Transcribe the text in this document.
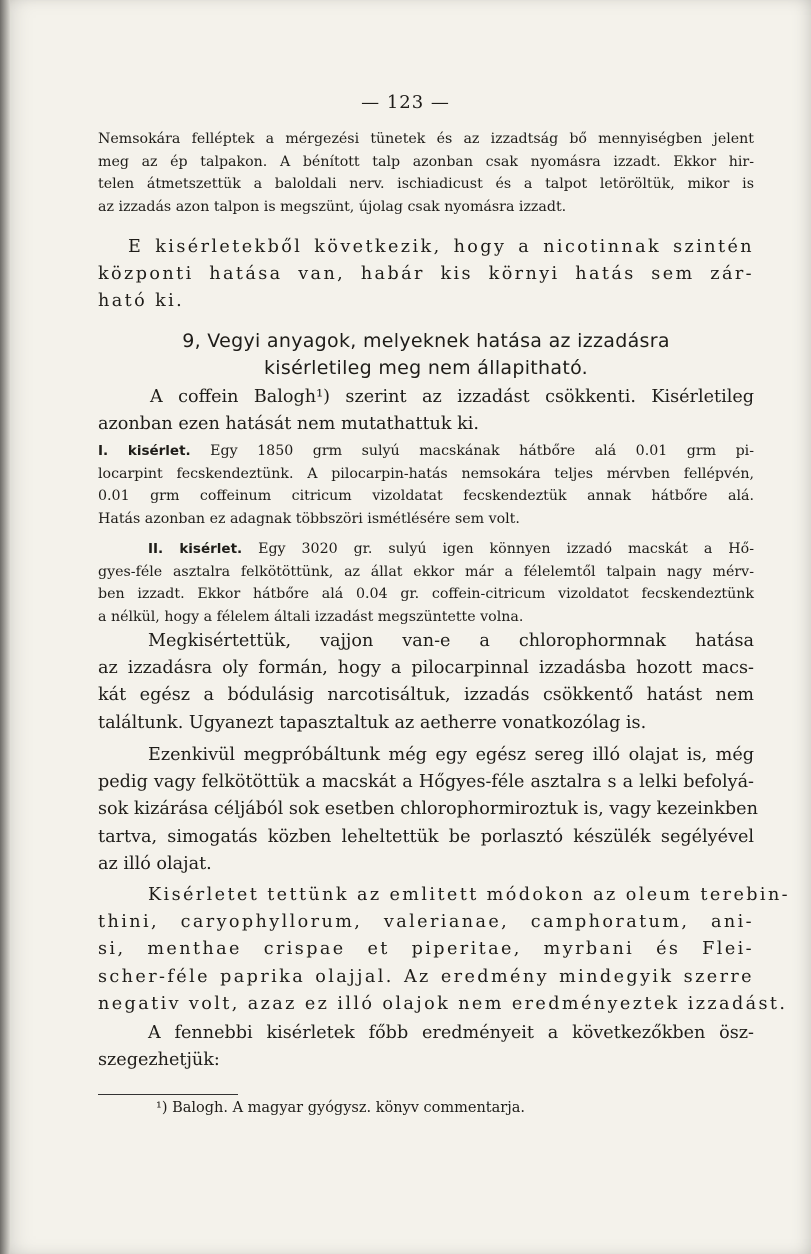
— 123 —
Nemsokára felléptek a mérgezési tünetek és az izzadtság bő mennyiségben jelent
meg az ép talpakon. A bénított talp azonban csak nyomásra izzadt. Ekkor hir-
telen átmetszettük a baloldali nerv. ischiadicust és a talpot letöröltük, mikor is
az izzadás azon talpon is megszünt, újolag csak nyomásra izzadt.
E kisérletekből következik, hogy a nicotinnak szintén
központi hatása van, habár kis környi hatás sem zár-
ható ki.
9, Vegyi anyagok, melyeknek hatása az izzadásra
kisérletileg meg nem állapitható.
A coffein Balogh¹) szerint az izzadást csökkenti. Kisérletileg
azonban ezen hatását nem mutathattuk ki.
I. kisérlet. Egy 1850 grm sulyú macskának hátbőre alá 0.01 grm pi-
locarpint fecskendeztünk. A pilocarpin-hatás nemsokára teljes mérvben fellépvén,
0.01 grm coffeinum citricum vizoldatat fecskendeztük annak hátbőre alá.
Hatás azonban ez adagnak többszöri ismétlésére sem volt.
II. kisérlet. Egy 3020 gr. sulyú igen könnyen izzadó macskát a Hő-
gyes-féle asztalra felkötöttünk, az állat ekkor már a félelemtől talpain nagy mérv-
ben izzadt. Ekkor hátbőre alá 0.04 gr. coffein-citricum vizoldatot fecskendeztünk
a nélkül, hogy a félelem általi izzadást megszüntette volna.
Megkisértettük, vajjon van-e a chlorophormnak hatása
az izzadásra oly formán, hogy a pilocarpinnal izzadásba hozott macs-
kát egész a bódulásig narcotisáltuk, izzadás csökkentő hatást nem
találtunk. Ugyanezt tapasztaltuk az aetherre vonatkozólag is.
Ezenkivül megpróbáltunk még egy egész sereg illó olajat is, még
pedig vagy felkötöttük a macskát a Hőgyes-féle asztalra s a lelki befolyá-
sok kizárása céljából sok esetben chlorophormiroztuk is, vagy kezeinkben
tartva, simogatás közben leheltettük be porlasztó készülék segélyével
az illó olajat.
Kisérletet tettünk az emlitett módokon az oleum terebin-
thini, caryophyllorum, valerianae, camphoratum, ani-
si, menthae crispae et piperitae, myrbani és Flei-
scher-féle paprika olajjal. Az eredmény mindegyik szerre
negativ volt, azaz ez illó olajok nem eredményeztek izzadást.
A fennebbi kisérletek főbb eredményeit a következőkben ösz-
szegezhetjük:
¹) Balogh. A magyar gyógysz. könyv commentarja.
